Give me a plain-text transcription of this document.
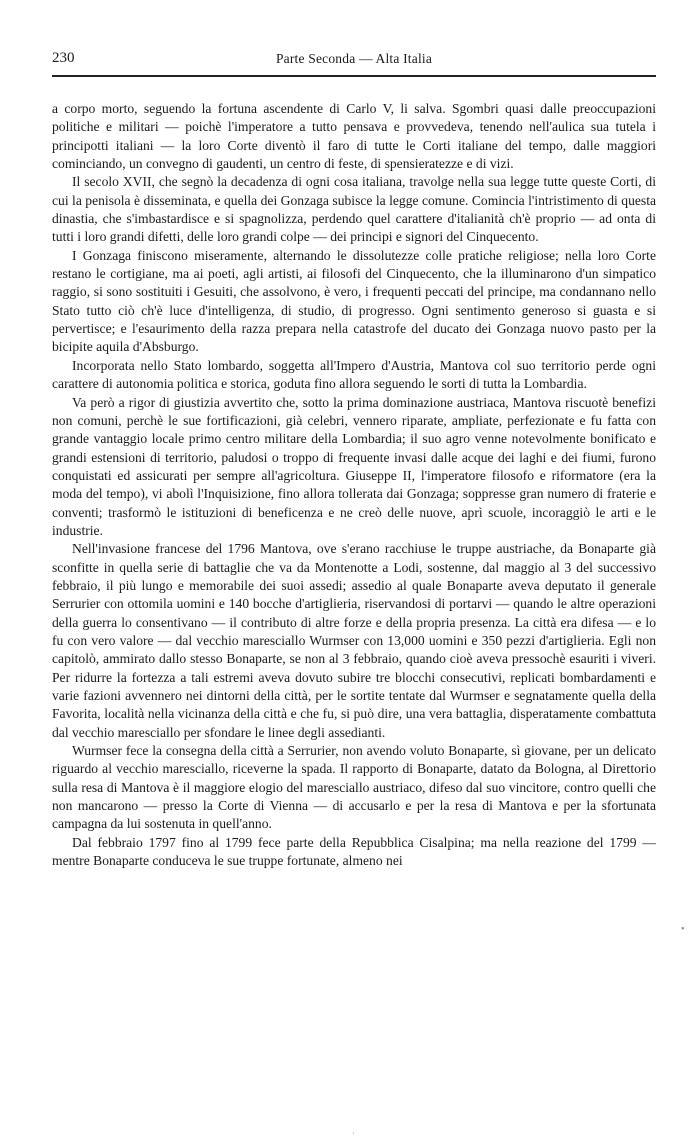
230	Parte Seconda — Alta Italia

a corpo morto, seguendo la fortuna ascendente di Carlo V, li salva. Sgombri quasi dalle preoccupazioni politiche e militari — poichè l'imperatore a tutto pensava e provvedeva, tenendo nell'aulica sua tutela i principotti italiani — la loro Corte diventò il faro di tutte le Corti italiane del tempo, dalle maggiori cominciando, un convegno di gaudenti, un centro di feste, di spensieratezze e di vizi.

Il secolo XVII, che segnò la decadenza di ogni cosa italiana, travolge nella sua legge tutte queste Corti, di cui la penisola è disseminata, e quella dei Gonzaga subisce la legge comune. Comincia l'intristimento di questa dinastia, che s'imbastardisce e si spagnolizza, perdendo quel carattere d'italianità ch'è proprio — ad onta di tutti i loro grandi difetti, delle loro grandi colpe — dei principi e signori del Cinquecento.

I Gonzaga finiscono miseramente, alternando le dissolutezze colle pratiche religiose; nella loro Corte restano le cortigiane, ma ai poeti, agli artisti, ai filosofi del Cinquecento, che la illuminarono d'un simpatico raggio, si sono sostituiti i Gesuiti, che assolvono, è vero, i frequenti peccati del principe, ma condannano nello Stato tutto ciò ch'è luce d'intelligenza, di studio, di progresso. Ogni sentimento generoso si guasta e si pervertisce; e l'esaurimento della razza prepara nella catastrofe del ducato dei Gonzaga nuovo pasto per la bicipite aquila d'Absburgo.

Incorporata nello Stato lombardo, soggetta all'Impero d'Austria, Mantova col suo territorio perde ogni carattere di autonomia politica e storica, goduta fino allora seguendo le sorti di tutta la Lombardia.

Va però a rigor di giustizia avvertito che, sotto la prima dominazione austriaca, Mantova riscuotè benefizi non comuni, perchè le sue fortificazioni, già celebri, vennero riparate, ampliate, perfezionate e fu fatta con grande vantaggio locale primo centro militare della Lombardia; il suo agro venne notevolmente bonificato e grandi estensioni di territorio, paludosi o troppo di frequente invasi dalle acque dei laghi e dei fiumi, furono conquistati ed assicurati per sempre all'agricoltura. Giuseppe II, l'imperatore filosofo e riformatore (era la moda del tempo), vi abolì l'Inquisizione, fino allora tollerata dai Gonzaga; soppresse gran numero di fraterie e conventi; trasformò le istituzioni di beneficenza e ne creò delle nuove, aprì scuole, incoraggiò le arti e le industrie.

Nell'invasione francese del 1796 Mantova, ove s'erano racchiuse le truppe austriache, da Bonaparte già sconfitte in quella serie di battaglie che va da Montenotte a Lodi, sostenne, dal maggio al 3 del successivo febbraio, il più lungo e memorabile dei suoi assedi; assedio al quale Bonaparte aveva deputato il generale Serrurier con ottomila uomini e 140 bocche d'artiglieria, riservandosi di portarvi — quando le altre operazioni della guerra lo consentivano — il contributo di altre forze e della propria presenza. La città era difesa — e lo fu con vero valore — dal vecchio maresciallo Wurmser con 13,000 uomini e 350 pezzi d'artiglieria. Egli non capitolò, ammirato dallo stesso Bonaparte, se non al 3 febbraio, quando cioè aveva pressochè esauriti i viveri. Per ridurre la fortezza a tali estremi aveva dovuto subire tre blocchi consecutivi, replicati bombardamenti e varie fazioni avvennero nei dintorni della città, per le sortite tentate dal Wurmser e segnatamente quella della Favorita, località nella vicinanza della città e che fu, si può dire, una vera battaglia, disperatamente combattuta dal vecchio maresciallo per sfondare le linee degli assedianti.

Wurmser fece la consegna della città a Serrurier, non avendo voluto Bonaparte, sì giovane, per un delicato riguardo al vecchio maresciallo, riceverne la spada. Il rapporto di Bonaparte, datato da Bologna, al Direttorio sulla resa di Mantova è il maggiore elogio del maresciallo austriaco, difeso dal suo vincitore, contro quelli che non mancarono — presso la Corte di Vienna — di accusarlo e per la resa di Mantova e per la sfortunata campagna da lui sostenuta in quell'anno.

Dal febbraio 1797 fino al 1799 fece parte della Repubblica Cisalpina; ma nella reazione del 1799 — mentre Bonaparte conduceva le sue truppe fortunate, almeno nei

•
ˈ
